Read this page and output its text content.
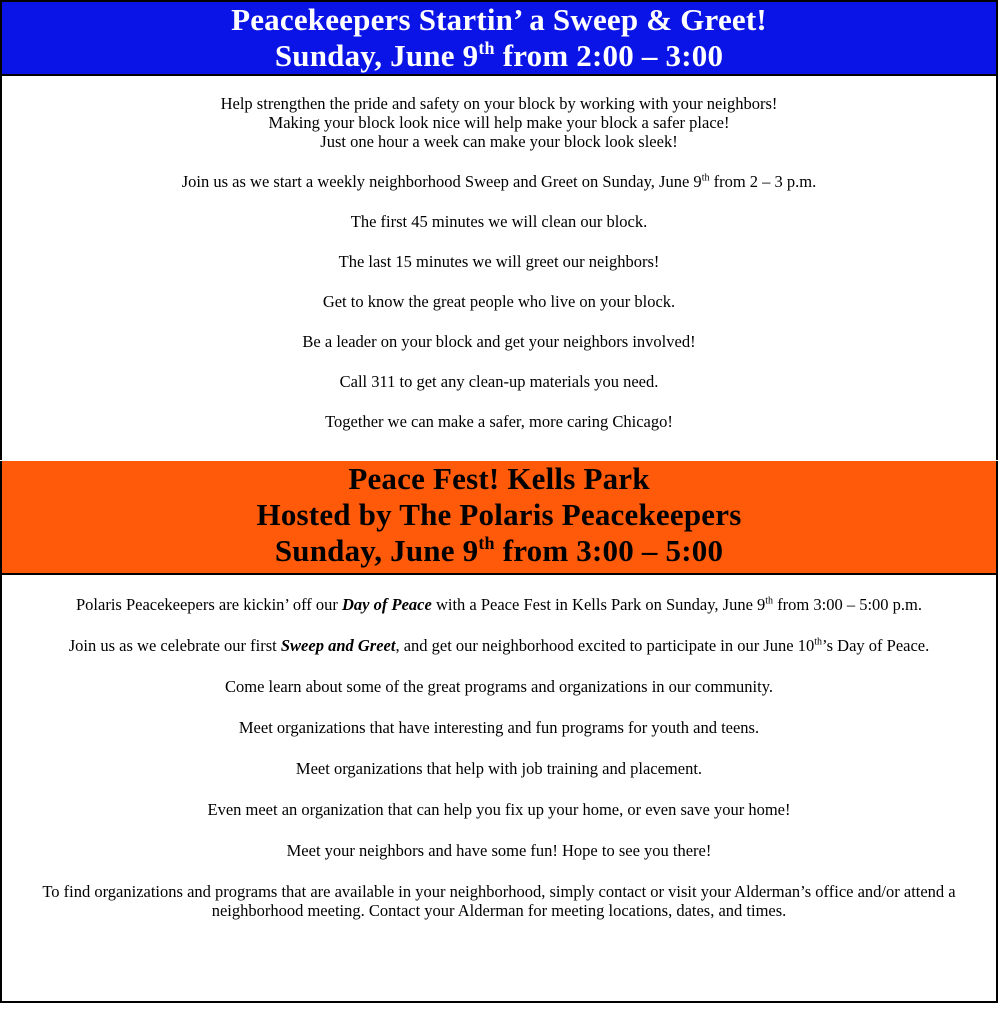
Peacekeepers Startin’ a Sweep & Greet!
Sunday, June 9th from 2:00 – 3:00

Help strengthen the pride and safety on your block by working with your neighbors!
Making your block look nice will help make your block a safer place!
Just one hour a week can make your block look sleek!

Join us as we start a weekly neighborhood Sweep and Greet on Sunday, June 9th from 2 – 3 p.m.

The first 45 minutes we will clean our block.

The last 15 minutes we will greet our neighbors!

Get to know the great people who live on your block.

Be a leader on your block and get your neighbors involved!

Call 311 to get any clean-up materials you need.

Together we can make a safer, more caring Chicago!

Peace Fest! Kells Park
Hosted by The Polaris Peacekeepers
Sunday, June 9th from 3:00 – 5:00

Polaris Peacekeepers are kickin’ off our Day of Peace with a Peace Fest in Kells Park on Sunday, June 9th from 3:00 – 5:00 p.m.

Join us as we celebrate our first Sweep and Greet, and get our neighborhood excited to participate in our June 10th’s Day of Peace.

Come learn about some of the great programs and organizations in our community.

Meet organizations that have interesting and fun programs for youth and teens.

Meet organizations that help with job training and placement.

Even meet an organization that can help you fix up your home, or even save your home!

Meet your neighbors and have some fun! Hope to see you there!

To find organizations and programs that are available in your neighborhood, simply contact or visit your Alderman’s office and/or attend a neighborhood meeting. Contact your Alderman for meeting locations, dates, and times.
